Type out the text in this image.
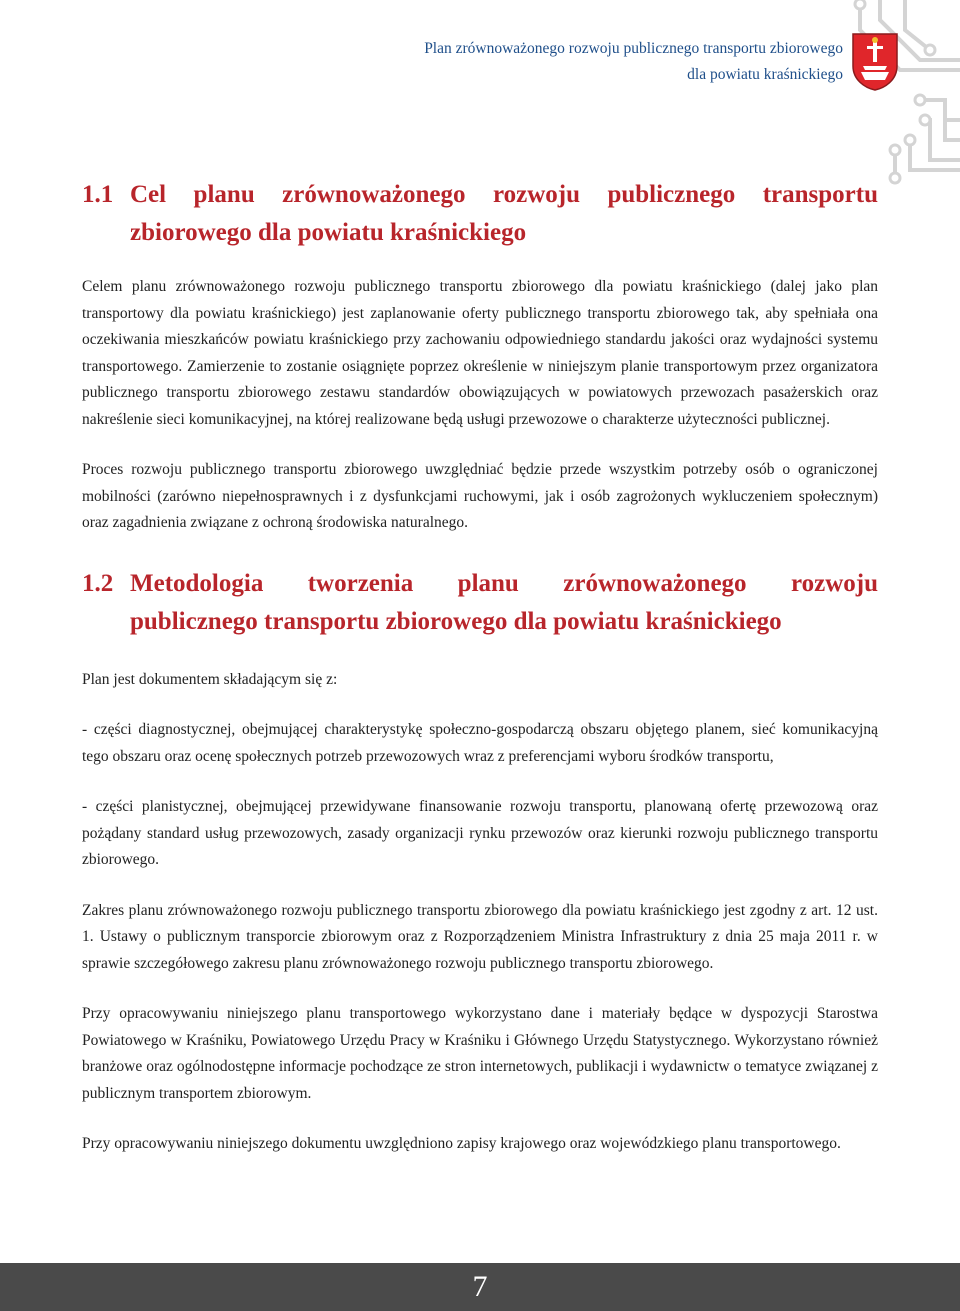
Plan zrównoważonego rozwoju publicznego transportu zbiorowego
dla powiatu kraśnickiego
1.1 Cel planu zrównoważonego rozwoju publicznego transportu
zbiorowego dla powiatu kraśnickiego

Celem planu zrównoważonego rozwoju publicznego transportu zbiorowego dla powiatu kraśnickiego (dalej jako plan transportowy dla powiatu kraśnickiego) jest zaplanowanie oferty publicznego transportu zbiorowego tak, aby spełniała ona oczekiwania mieszkańców powiatu kraśnickiego przy zachowaniu odpowiedniego standardu jakości oraz wydajności systemu transportowego. Zamierzenie to zostanie osiągnięte poprzez określenie w niniejszym planie transportowym przez organizatora publicznego transportu zbiorowego zestawu standardów obowiązujących w powiatowych przewozach pasażerskich oraz nakreślenie sieci komunikacyjnej, na której realizowane będą usługi przewozowe o charakterze użyteczności publicznej.

Proces rozwoju publicznego transportu zbiorowego uwzględniać będzie przede wszystkim potrzeby osób o ograniczonej mobilności (zarówno niepełnosprawnych i z dysfunkcjami ruchowymi, jak i osób zagrożonych wykluczeniem społecznym) oraz zagadnienia związane z ochroną środowiska naturalnego.

1.2 Metodologia tworzenia planu zrównoważonego rozwoju
publicznego transportu zbiorowego dla powiatu kraśnickiego

Plan jest dokumentem składającym się z:

- części diagnostycznej, obejmującej charakterystykę społeczno-gospodarczą obszaru objętego planem, sieć komunikacyjną tego obszaru oraz ocenę społecznych potrzeb przewozowych wraz z preferencjami wyboru środków transportu,

- części planistycznej, obejmującej przewidywane finansowanie rozwoju transportu, planowaną ofertę przewozową oraz pożądany standard usług przewozowych, zasady organizacji rynku przewozów oraz kierunki rozwoju publicznego transportu zbiorowego.

Zakres planu zrównoważonego rozwoju publicznego transportu zbiorowego dla powiatu kraśnickiego jest zgodny z art. 12 ust. 1. Ustawy o publicznym transporcie zbiorowym oraz z Rozporządzeniem Ministra Infrastruktury z dnia 25 maja 2011 r. w sprawie szczegółowego zakresu planu zrównoważonego rozwoju publicznego transportu zbiorowego.

Przy opracowywaniu niniejszego planu transportowego wykorzystano dane i materiały będące w dyspozycji Starostwa Powiatowego w Kraśniku, Powiatowego Urzędu Pracy w Kraśniku i Głównego Urzędu Statystycznego. Wykorzystano również branżowe oraz ogólnodostępne informacje pochodzące ze stron internetowych, publikacji i wydawnictw o tematyce związanej z publicznym transportem zbiorowym.

Przy opracowywaniu niniejszego dokumentu uwzględniono zapisy krajowego oraz wojewódzkiego planu transportowego.

7
